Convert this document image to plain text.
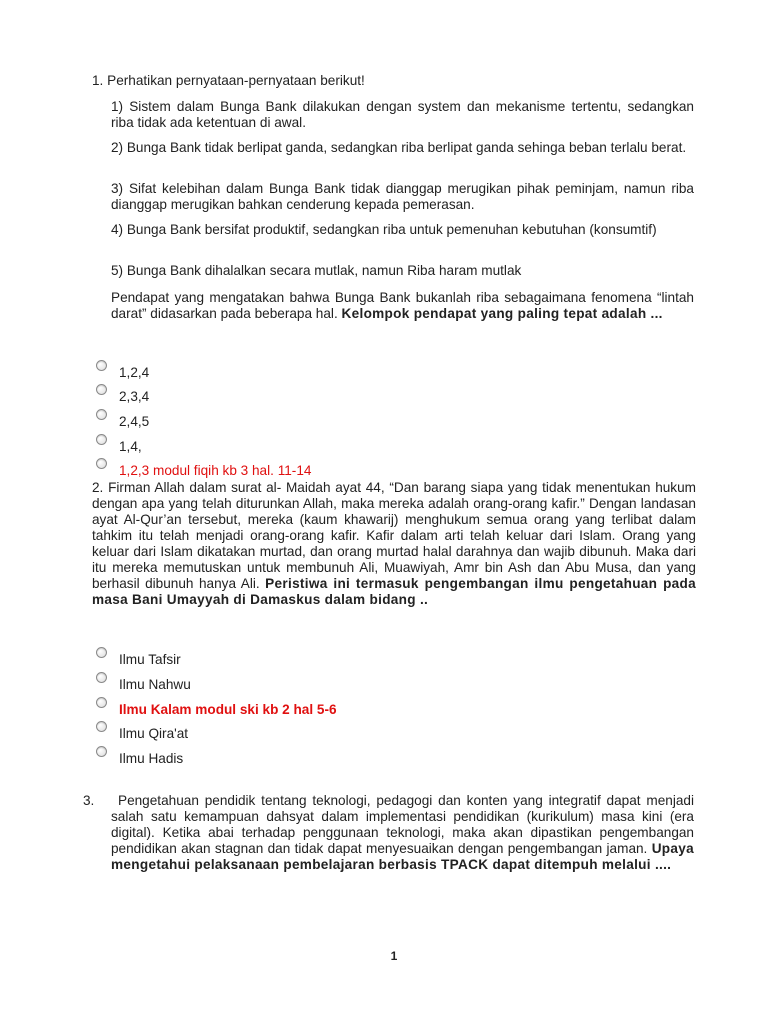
1. Perhatikan pernyataan-pernyataan berikut!
1) Sistem dalam Bunga Bank dilakukan dengan system dan mekanisme tertentu, sedangkan riba tidak ada ketentuan di awal.
2) Bunga Bank tidak berlipat ganda, sedangkan riba berlipat ganda sehinga beban terlalu berat.
3) Sifat kelebihan dalam Bunga Bank tidak dianggap merugikan pihak peminjam, namun riba dianggap merugikan bahkan cenderung kepada pemerasan.
4) Bunga Bank bersifat produktif, sedangkan riba untuk pemenuhan kebutuhan (konsumtif)
5) Bunga Bank dihalalkan secara mutlak, namun Riba haram mutlak
Pendapat yang mengatakan bahwa Bunga Bank bukanlah riba sebagaimana fenomena “lintah darat” didasarkan pada beberapa hal. Kelompok pendapat yang paling tepat adalah ...
1,2,4
2,3,4
2,4,5
1,4,
1,2,3 modul fiqih kb 3 hal. 11-14
2. Firman Allah dalam surat al- Maidah ayat 44, “Dan barang siapa yang tidak menentukan hukum dengan apa yang telah diturunkan Allah, maka mereka adalah orang-orang kafir.” Dengan landasan ayat Al-Qur’an tersebut, mereka (kaum khawarij) menghukum semua orang yang terlibat dalam tahkim itu telah menjadi orang-orang kafir. Kafir dalam arti telah keluar dari Islam. Orang yang keluar dari Islam dikatakan murtad, dan orang murtad halal darahnya dan wajib dibunuh. Maka dari itu mereka memutuskan untuk membunuh Ali, Muawiyah, Amr bin Ash dan Abu Musa, dan yang berhasil dibunuh hanya Ali. Peristiwa ini termasuk pengembangan ilmu pengetahuan pada masa Bani Umayyah di Damaskus dalam bidang ..
Ilmu Tafsir
Ilmu Nahwu
Ilmu Kalam modul ski kb 2 hal 5-6
Ilmu Qira'at
Ilmu Hadis
3.	Pengetahuan pendidik tentang teknologi, pedagogi dan konten yang integratif dapat menjadi salah satu kemampuan dahsyat dalam implementasi pendidikan (kurikulum) masa kini (era digital). Ketika abai terhadap penggunaan teknologi, maka akan dipastikan pengembangan pendidikan akan stagnan dan tidak dapat menyesuaikan dengan pengembangan jaman. Upaya mengetahui pelaksanaan pembelajaran berbasis TPACK dapat ditempuh melalui ....
1
